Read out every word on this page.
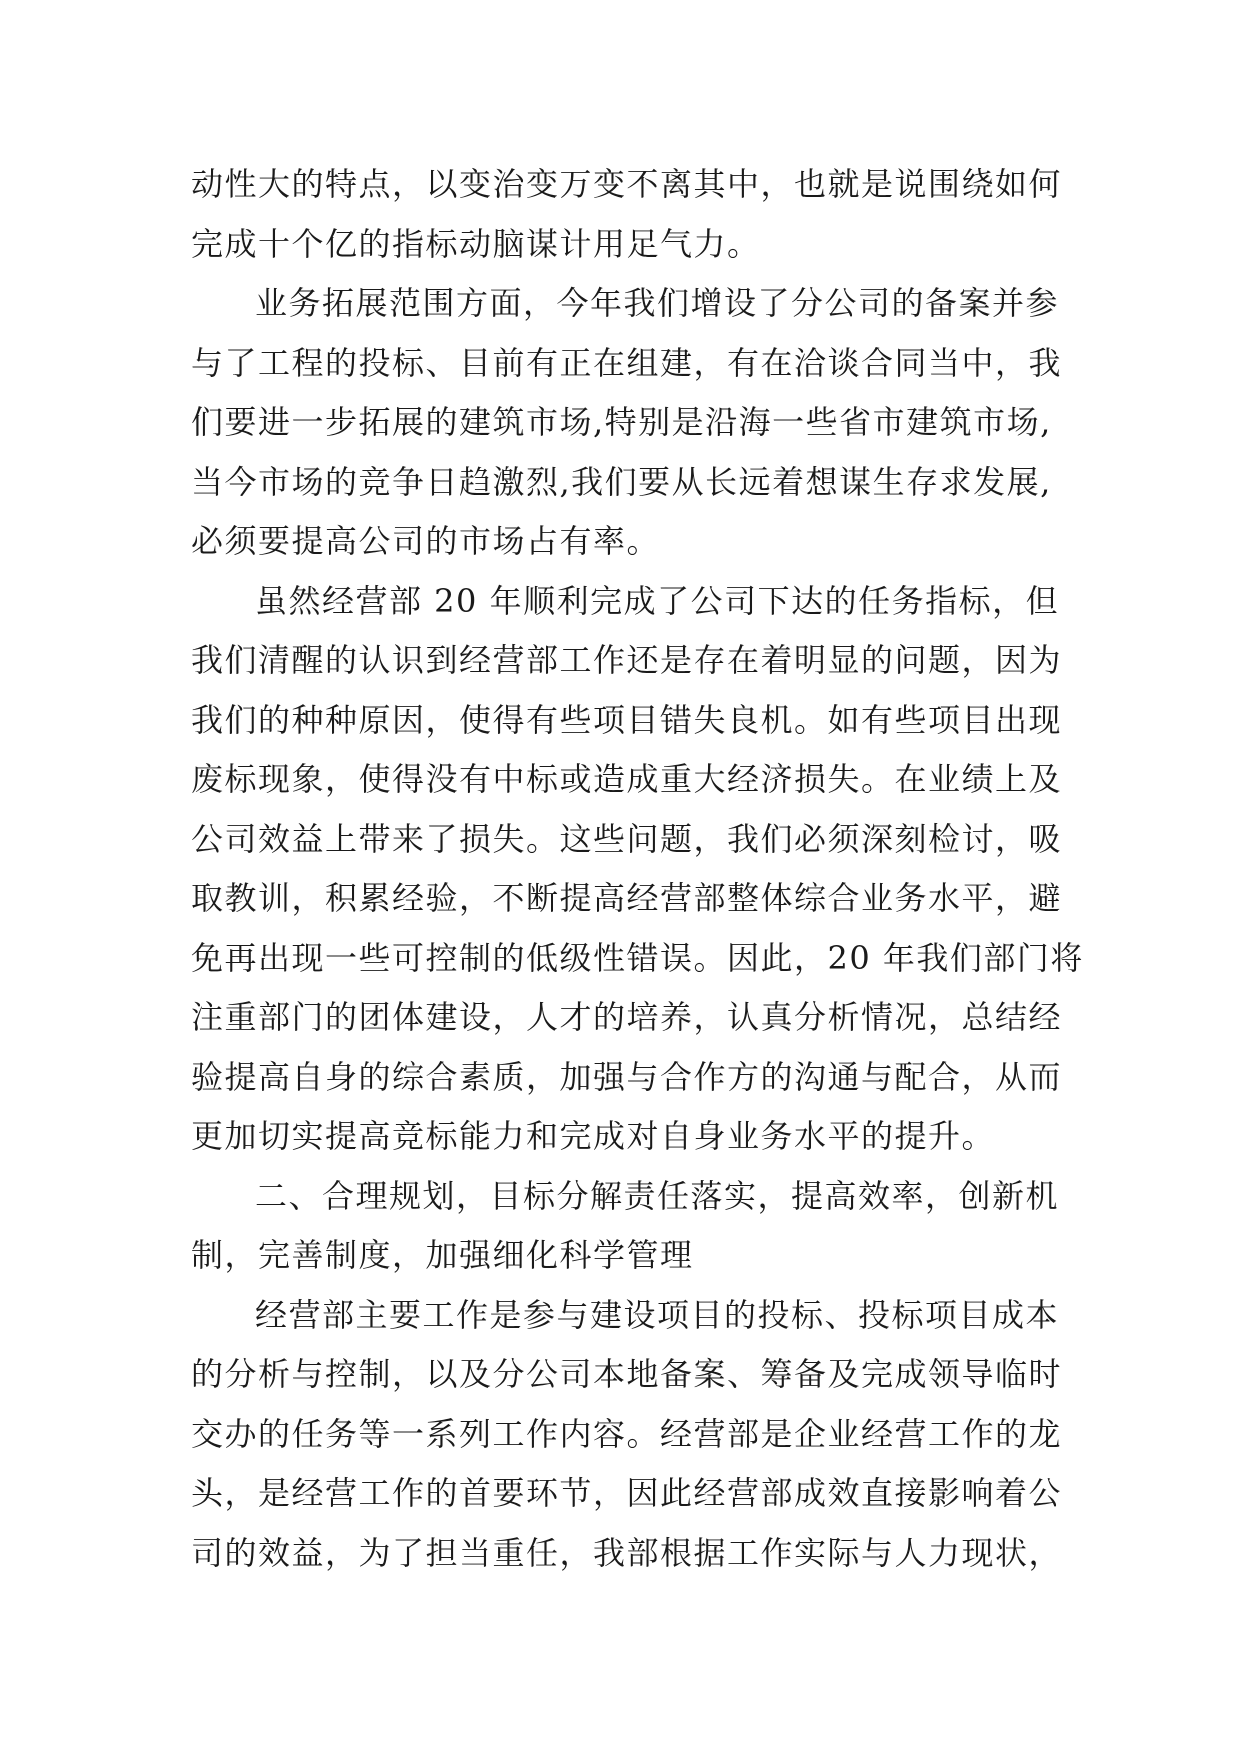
动性大的特点，以变治变万变不离其中，也就是说围绕如何
完成十个亿的指标动脑谋计用足气力。
业务拓展范围方面，今年我们增设了分公司的备案并参
与了工程的投标、目前有正在组建，有在洽谈合同当中，我
们要进一步拓展的建筑市场,特别是沿海一些省市建筑市场,
当今市场的竞争日趋激烈,我们要从长远着想谋生存求发展,
必须要提高公司的市场占有率。
虽然经营部 20 年顺利完成了公司下达的任务指标，但
我们清醒的认识到经营部工作还是存在着明显的问题，因为
我们的种种原因，使得有些项目错失良机。如有些项目出现
废标现象，使得没有中标或造成重大经济损失。在业绩上及
公司效益上带来了损失。这些问题，我们必须深刻检讨，吸
取教训，积累经验，不断提高经营部整体综合业务水平，避
免再出现一些可控制的低级性错误。因此，20 年我们部门将
注重部门的团体建设，人才的培养，认真分析情况，总结经
验提高自身的综合素质，加强与合作方的沟通与配合，从而
更加切实提高竞标能力和完成对自身业务水平的提升。
二、合理规划，目标分解责任落实，提高效率，创新机
制，完善制度，加强细化科学管理
经营部主要工作是参与建设项目的投标、投标项目成本
的分析与控制，以及分公司本地备案、筹备及完成领导临时
交办的任务等一系列工作内容。经营部是企业经营工作的龙
头，是经营工作的首要环节，因此经营部成效直接影响着公
司的效益，为了担当重任，我部根据工作实际与人力现状，
